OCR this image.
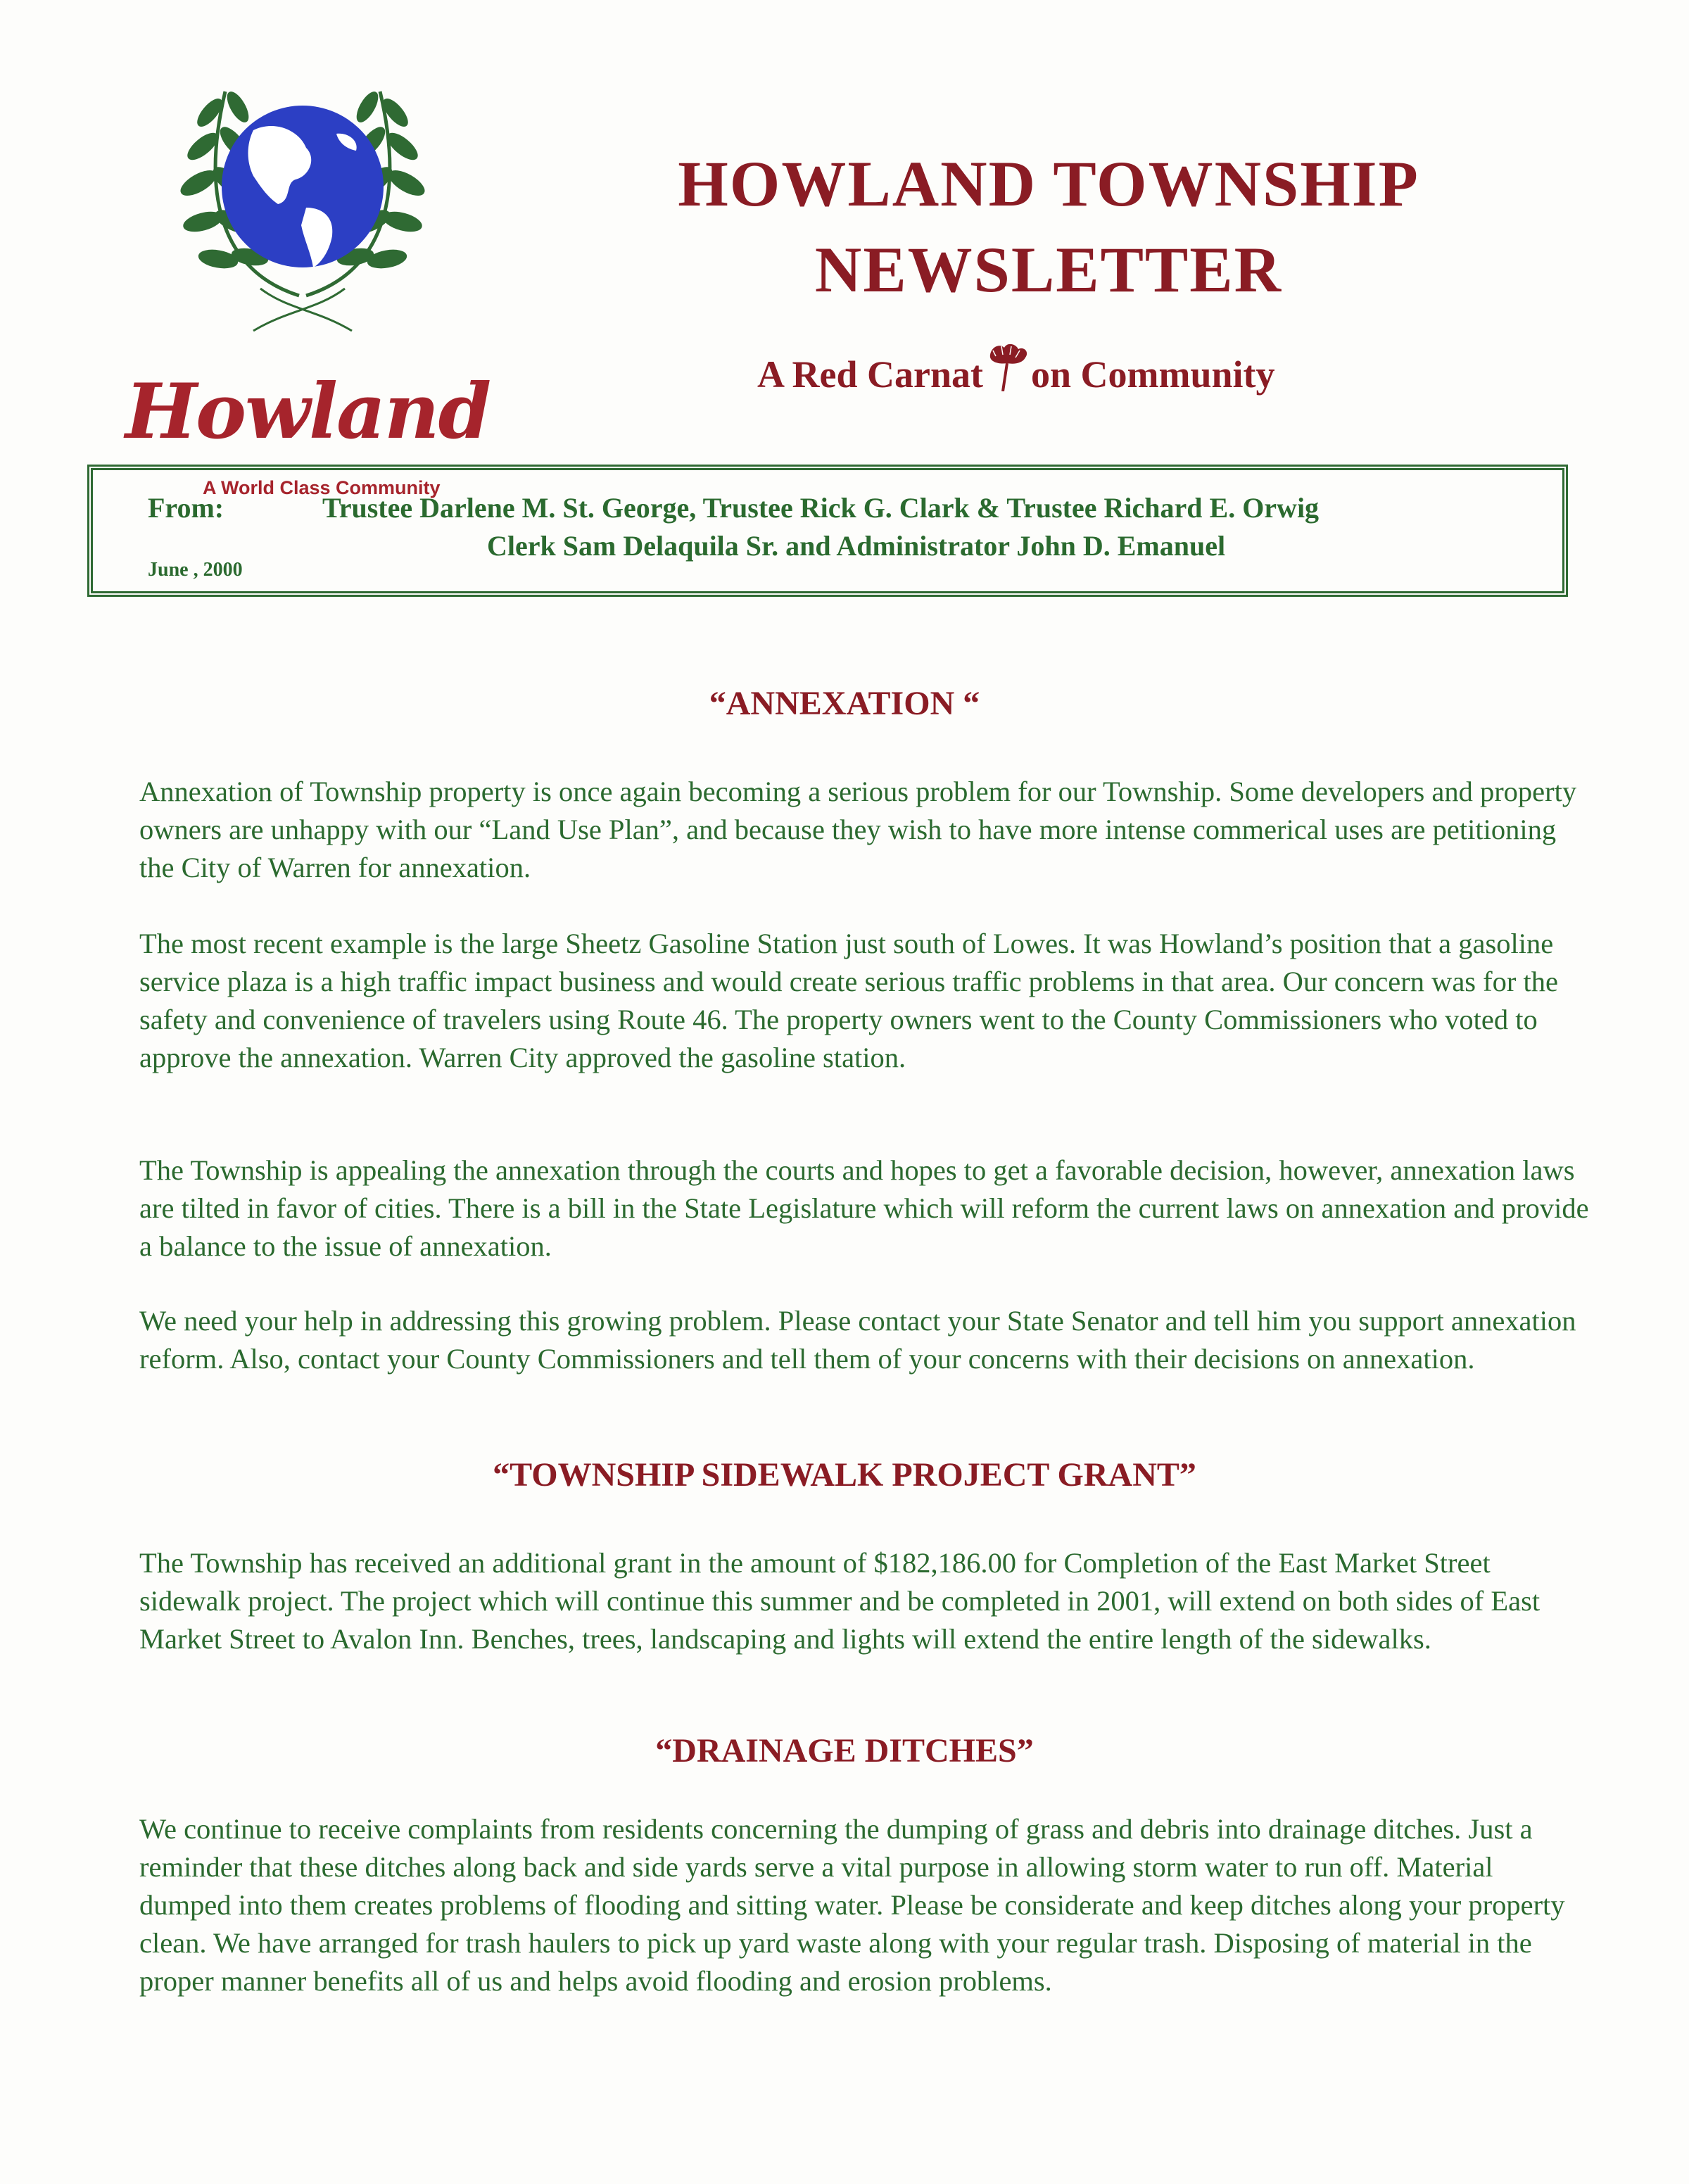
Howland
A World Class Community
HOWLAND TOWNSHIP
NEWSLETTER
A Red Carnat on Community
From:	Trustee Darlene M. St. George, Trustee Rick G. Clark & Trustee Richard E. Orwig
Clerk Sam Delaquila Sr. and Administrator John D. Emanuel
June , 2000
“ANNEXATION “
Annexation of Township property is once again becoming a serious problem for our Township. Some developers and property owners are unhappy with our “Land Use Plan”, and because they wish to have more intense commerical uses are petitioning the City of Warren for annexation.
The most recent example is the large Sheetz Gasoline Station just south of Lowes. It was Howland’s position that a gasoline service plaza is a high traffic impact business and would create serious traffic problems in that area. Our concern was for the safety and convenience of travelers using Route 46. The property owners went to the County Commissioners who voted to approve the annexation. Warren City approved the gasoline station.
The Township is appealing the annexation through the courts and hopes to get a favorable decision, however, annexation laws are tilted in favor of cities. There is a bill in the State Legislature which will reform the current laws on annexation and provide a balance to the issue of annexation.
We need your help in addressing this growing problem. Please contact your State Senator and tell him you support annexation reform. Also, contact your County Commissioners and tell them of your concerns with their decisions on annexation.
“TOWNSHIP SIDEWALK PROJECT GRANT”
The Township has received an additional grant in the amount of $182,186.00 for Completion of the East Market Street sidewalk project. The project which will continue this summer and be completed in 2001, will extend on both sides of East Market Street to Avalon Inn. Benches, trees, landscaping and lights will extend the entire length of the sidewalks.
“DRAINAGE DITCHES”
We continue to receive complaints from residents concerning the dumping of grass and debris into drainage ditches. Just a reminder that these ditches along back and side yards serve a vital purpose in allowing storm water to run off. Material dumped into them creates problems of flooding and sitting water. Please be considerate and keep ditches along your property clean. We have arranged for trash haulers to pick up yard waste along with your regular trash. Disposing of material in the proper manner benefits all of us and helps avoid flooding and erosion problems.
